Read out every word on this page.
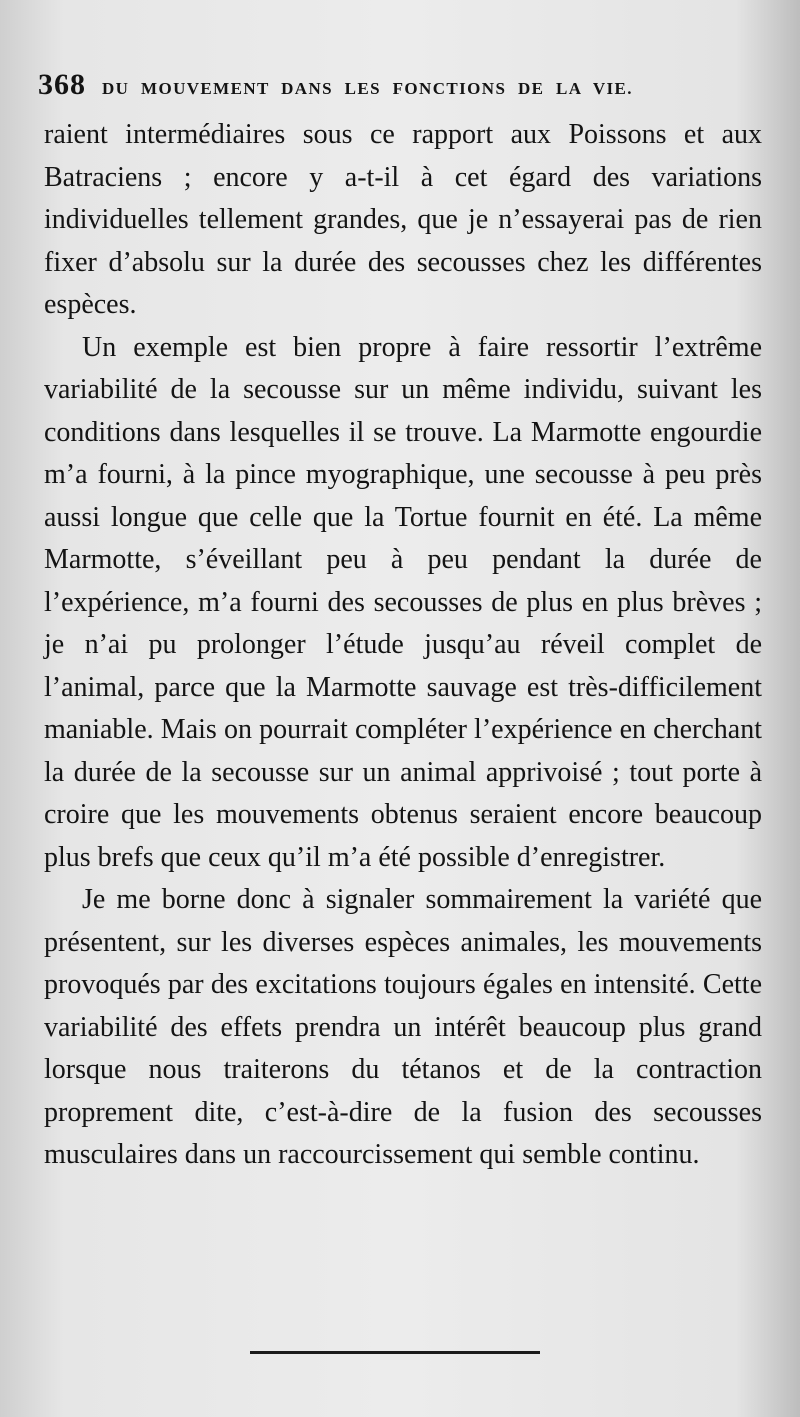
368 DU MOUVEMENT DANS LES FONCTIONS DE LA VIE.

raient intermédiaires sous ce rapport aux Poissons et aux Batraciens ; encore y a-t-il à cet égard des variations individuelles tellement grandes, que je n’essayerai pas de rien fixer d’absolu sur la durée des secousses chez les différentes espèces.

Un exemple est bien propre à faire ressortir l’extrême variabilité de la secousse sur un même individu, suivant les conditions dans lesquelles il se trouve. La Marmotte engourdie m’a fourni, à la pince myographique, une secousse à peu près aussi longue que celle que la Tortue fournit en été. La même Marmotte, s’éveillant peu à peu pendant la durée de l’expérience, m’a fourni des secousses de plus en plus brèves ; je n’ai pu prolonger l’étude jusqu’au réveil complet de l’animal, parce que la Marmotte sauvage est très-difficilement maniable. Mais on pourrait compléter l’expérience en cherchant la durée de la secousse sur un animal apprivoisé ; tout porte à croire que les mouvements obtenus seraient encore beaucoup plus brefs que ceux qu’il m’a été possible d’enregistrer.

Je me borne donc à signaler sommairement la variété que présentent, sur les diverses espèces animales, les mouvements provoqués par des excitations toujours égales en intensité. Cette variabilité des effets prendra un intérêt beaucoup plus grand lorsque nous traiterons du tétanos et de la contraction proprement dite, c’est-à-dire de la fusion des secousses musculaires dans un raccourcissement qui semble continu.
